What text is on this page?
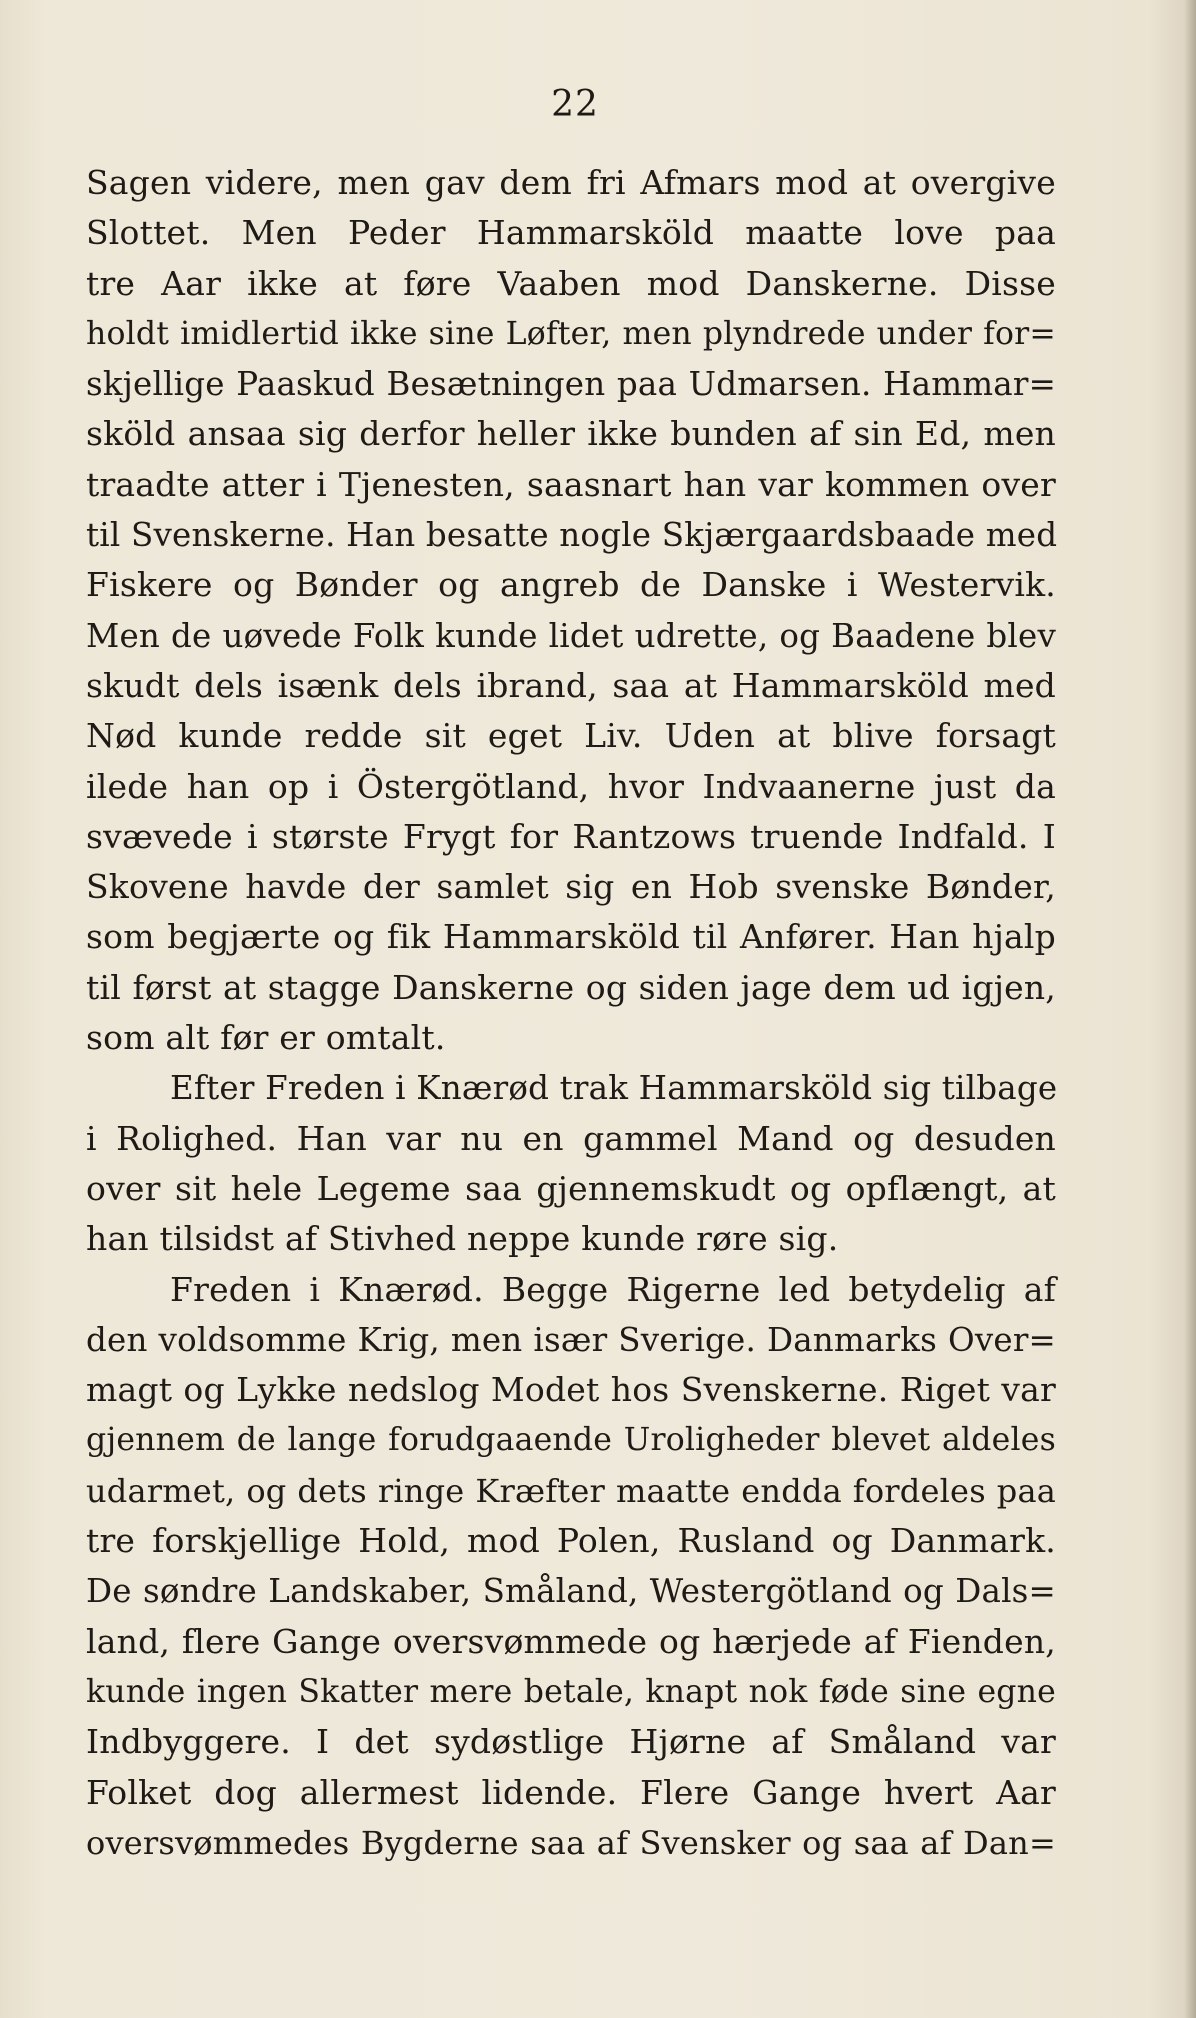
22
Sagen videre, men gav dem fri Afmars mod at overgive
Slottet. Men Peder Hammarsköld maatte love paa
tre Aar ikke at føre Vaaben mod Danskerne. Disse
holdt imidlertid ikke sine Løfter, men plyndrede under for=
skjellige Paaskud Besætningen paa Udmarsen. Hammar=
sköld ansaa sig derfor heller ikke bunden af sin Ed, men
traadte atter i Tjenesten, saasnart han var kommen over
til Svenskerne. Han besatte nogle Skjærgaardsbaade med
Fiskere og Bønder og angreb de Danske i Westervik.
Men de uøvede Folk kunde lidet udrette, og Baadene blev
skudt dels isænk dels ibrand, saa at Hammarsköld med
Nød kunde redde sit eget Liv. Uden at blive forsagt
ilede han op i Östergötland, hvor Indvaanerne just da
svævede i største Frygt for Rantzows truende Indfald. I
Skovene havde der samlet sig en Hob svenske Bønder,
som begjærte og fik Hammarsköld til Anfører. Han hjalp
til først at stagge Danskerne og siden jage dem ud igjen,
som alt før er omtalt.
Efter Freden i Knærød trak Hammarsköld sig tilbage
i Rolighed. Han var nu en gammel Mand og desuden
over sit hele Legeme saa gjennemskudt og opflængt, at
han tilsidst af Stivhed neppe kunde røre sig.
Freden i Knærød. Begge Rigerne led betydelig af
den voldsomme Krig, men især Sverige. Danmarks Over=
magt og Lykke nedslog Modet hos Svenskerne. Riget var
gjennem de lange forudgaaende Uroligheder blevet aldeles
udarmet, og dets ringe Kræfter maatte endda fordeles paa
tre forskjellige Hold, mod Polen, Rusland og Danmark.
De søndre Landskaber, Småland, Westergötland og Dals=
land, flere Gange oversvømmede og hærjede af Fienden,
kunde ingen Skatter mere betale, knapt nok føde sine egne
Indbyggere. I det sydøstlige Hjørne af Småland var
Folket dog allermest lidende. Flere Gange hvert Aar
oversvømmedes Bygderne saa af Svensker og saa af Dan=
